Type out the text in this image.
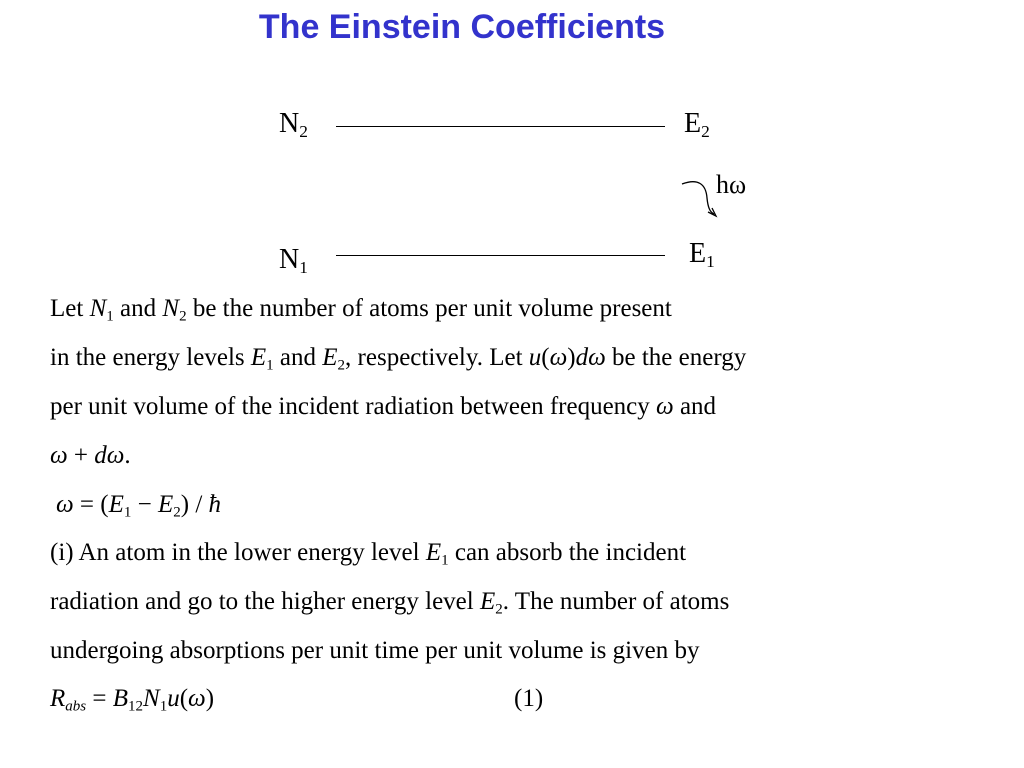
The Einstein Coefficients
$N_2$	$E_2$
hω
$N_1$	$E_1$
Let $N_1$ and $N_2$ be the number of atoms per unit volume present
in the energy levels $E_1$ and $E_2$, respectively. Let u(ω)dω be the energy
per unit volume of the incident radiation between frequency ω and
ω + dω.
$\omega = (E_1 - E_2)$ / ħ
(i) An atom in the lower energy level $E_1$ can absorb the incident
radiation and go to the higher energy level $E_2$. The number of atoms
undergoing absorptions per unit time per unit volume is given by
$R_{abs} = B_{12}N_1u(\omega)$	(1)
